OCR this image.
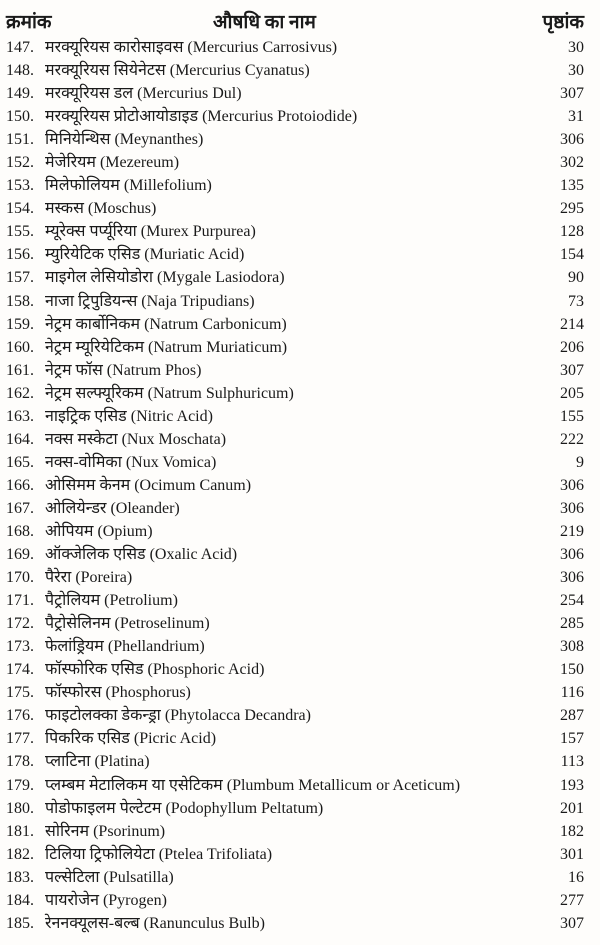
क्रमांक	औषधि का नाम	पृष्ठांक
147. मरक्यूरियस कारोसाइवस (Mercurius Carrosivus)	30
148. मरक्यूरियस सियेनेटस (Mercurius Cyanatus)	30
149. मरक्यूरियस डल (Mercurius Dul)	307
150. मरक्यूरियस प्रोटोआयोडाइड (Mercurius Protoiodide)	31
151. मिनियेन्थिस (Meynanthes)	306
152. मेजेरियम (Mezereum)	302
153. मिलेफोलियम (Millefolium)	135
154. मस्कस (Moschus)	295
155. म्यूरेक्स पर्प्यूरिया (Murex Purpurea)	128
156. म्युरियेटिक एसिड (Muriatic Acid)	154
157. माइगेल लेसियोडोरा (Mygale Lasiodora)	90
158. नाजा ट्रिपुडियन्स (Naja Tripudians)	73
159. नेट्रम कार्बोनिकम (Natrum Carbonicum)	214
160. नेट्रम म्यूरियेटिकम (Natrum Muriaticum)	206
161. नेट्रम फॉस (Natrum Phos)	307
162. नेट्रम सल्फ्यूरिकम (Natrum Sulphuricum)	205
163. नाइट्रिक एसिड (Nitric Acid)	155
164. नक्स मस्केटा (Nux Moschata)	222
165. नक्स-वोमिका (Nux Vomica)	9
166. ओसिमम केनम (Ocimum Canum)	306
167. ओलियेन्डर (Oleander)	306
168. ओपियम (Opium)	219
169. ऑक्जेलिक एसिड (Oxalic Acid)	306
170. पैरेरा (Poreira)	306
171. पैट्रोलियम (Petrolium)	254
172. पैट्रोसेलिनम (Petroselinum)	285
173. फेलांड्रियम (Phellandrium)	308
174. फॉस्फोरिक एसिड (Phosphoric Acid)	150
175. फॉस्फोरस (Phosphorus)	116
176. फाइटोलक्का डेकन्ड्रा (Phytolacca Decandra)	287
177. पिकरिक एसिड (Picric Acid)	157
178. प्लाटिना (Platina)	113
179. प्लम्बम मेटालिकम या एसेटिकम (Plumbum Metallicum or Aceticum)	193
180. पोडोफाइलम पेल्टेटम (Podophyllum Peltatum)	201
181. सोरिनम (Psorinum)	182
182. टिलिया ट्रिफोलियेटा (Ptelea Trifoliata)	301
183. पल्सेटिला (Pulsatilla)	16
184. पायरोजेन (Pyrogen)	277
185. रेननक्यूलस-बल्ब (Ranunculus Bulb)	307
